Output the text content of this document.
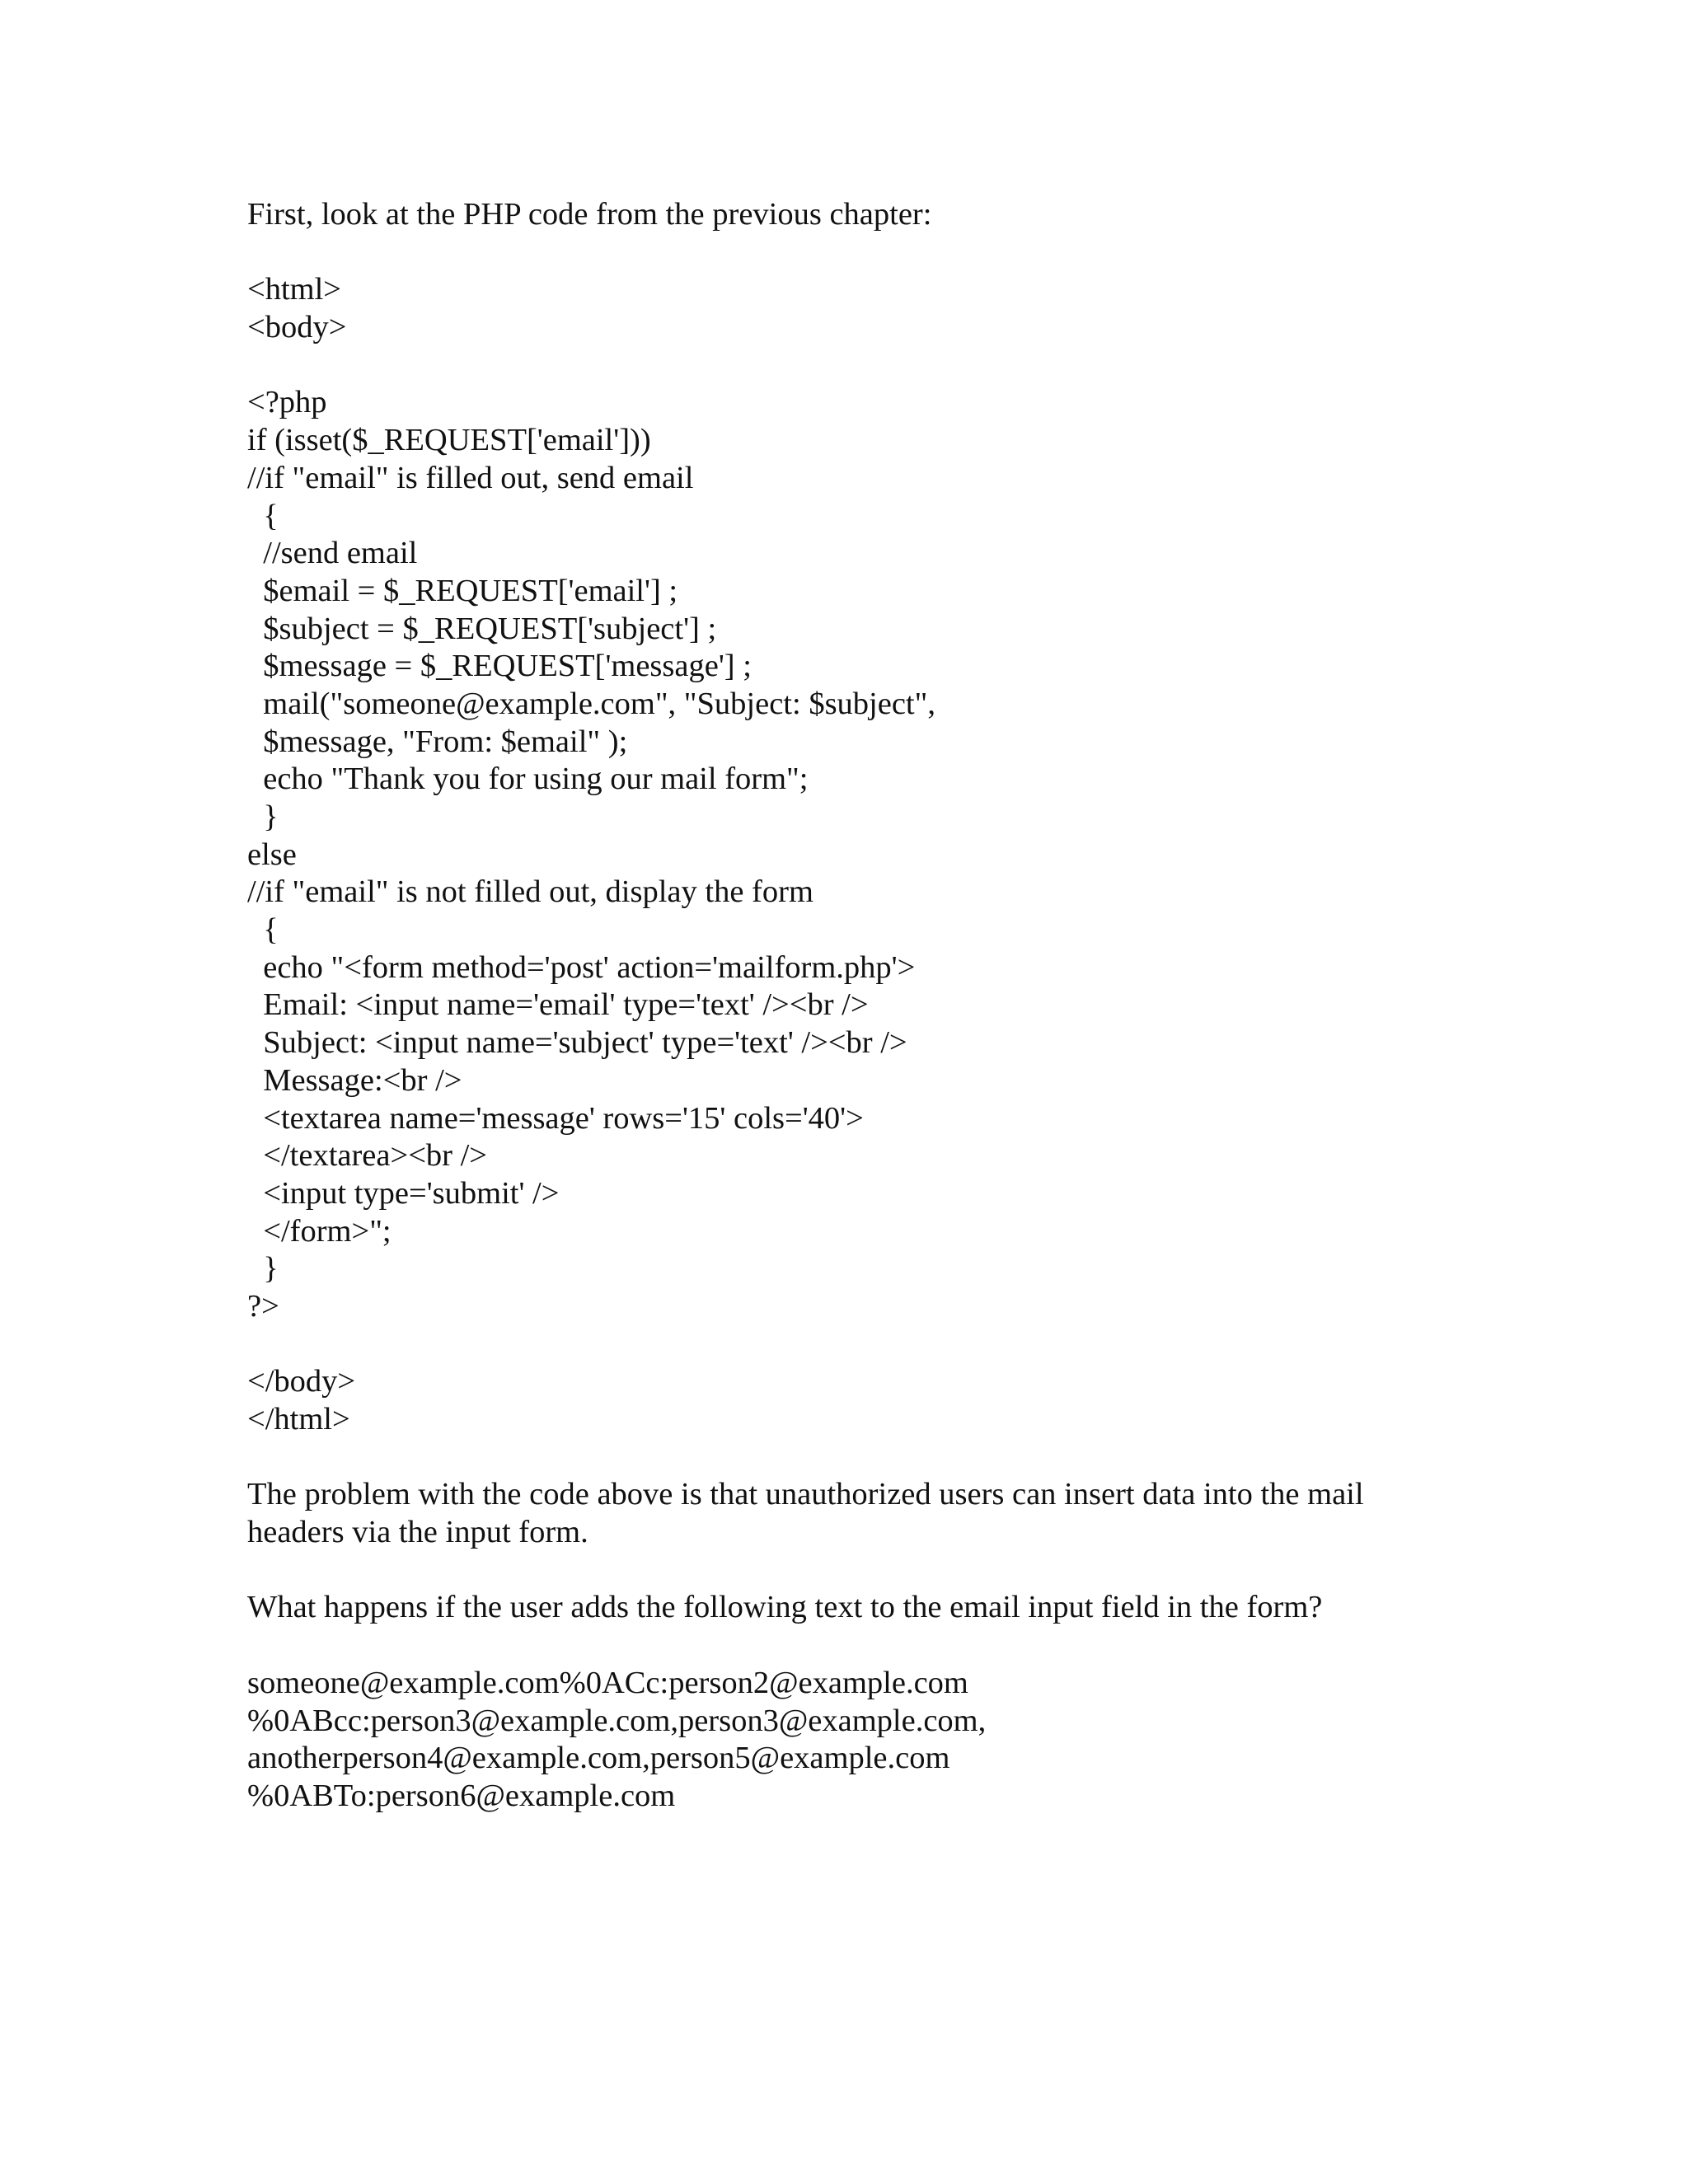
First, look at the PHP code from the previous chapter:
<html>
<body>
<?php
if (isset($_REQUEST['email']))
//if "email" is filled out, send email
{
//send email
$email = $_REQUEST['email'] ;
$subject = $_REQUEST['subject'] ;
$message = $_REQUEST['message'] ;
mail("someone@example.com", "Subject: $subject",
$message, "From: $email" );
echo "Thank you for using our mail form";
}
else
//if "email" is not filled out, display the form
{
echo "<form method='post' action='mailform.php'>
Email: <input name='email' type='text' /><br />
Subject: <input name='subject' type='text' /><br />
Message:<br />
<textarea name='message' rows='15' cols='40'>
</textarea><br />
<input type='submit' />
</form>";
}
?>
</body>
</html>
The problem with the code above is that unauthorized users can insert data into the mail
headers via the input form.
What happens if the user adds the following text to the email input field in the form?
someone@example.com%0ACc:person2@example.com
%0ABcc:person3@example.com,person3@example.com,
anotherperson4@example.com,person5@example.com
%0ABTo:person6@example.com
